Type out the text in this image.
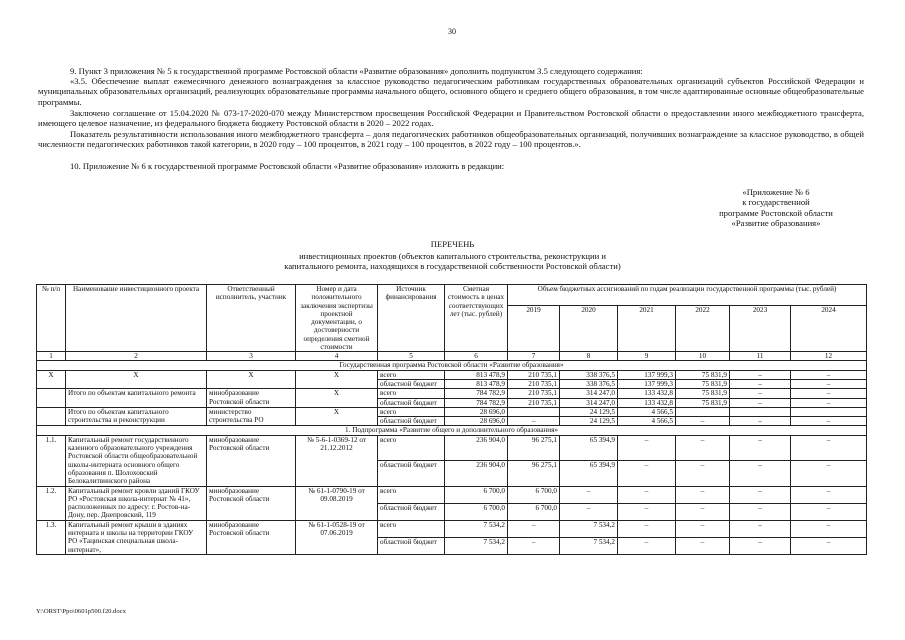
30
9. Пункт 3 приложения № 5 к государственной программе Ростовской области «Развитие образования» дополнить подпунктом 3.5 следующего содержания:
«3.5. Обеспечение выплат ежемесячного денежного вознаграждения за классное руководство педагогическим работникам государственных образовательных организаций субъектов Российской Федерации и муниципальных образовательных организаций, реализующих образовательные программы начального общего, основного общего и среднего общего образования, в том числе адаптированные основные общеобразовательные программы.
Заключено соглашение от 15.04.2020 № 073-17-2020-070 между Министерством просвещения Российской Федерации и Правительством Ростовской области о предоставлении иного межбюджетного трансферта, имеющего целевое назначение, из федерального бюджета бюджету Ростовской области в 2020 – 2022 годах.
Показатель результативности использования иного межбюджетного трансферта – доля педагогических работников общеобразовательных организаций, получивших вознаграждение за классное руководство, в общей численности педагогических работников такой категории, в 2020 году – 100 процентов, в 2021 году – 100 процентов, в 2022 году – 100 процентов.».
10. Приложение № 6 к государственной программе Ростовской области «Развитие образования» изложить в редакции:
«Приложение № 6
к государственной
программе Ростовской области
«Развитие образования»
ПЕРЕЧЕНЬ
инвестиционных проектов (объектов капитального строительства, реконструкции и
капитального ремонта, находящихся в государственной собственности Ростовской области)
№ п/п	Наименование инвестиционного проекта	Ответственный исполнитель, участник	Номер и дата положительного заключения экспертизы проектной документации, о достоверности определения сметной стоимости	Источник финансирования	Сметная стоимость в ценах соответствующих лет (тыс. рублей)	Объем бюджетных ассигнований по годам реализации государственной программы (тыс. рублей)					
						2019	2020	2021	2022	2023	2024
1	2	3	4	5	6	7	8	9	10	11	12
Государственная программа Ростовской области «Развитие образования»											
X	X	X	X	всего	813 478,9	210 735,1	338 376,5	137 999,3	75 831,9	–	–
				областной бюджет	813 478,9	210 735,1	338 376,5	137 999,3	75 831,9	–	–
	Итого по объектам капитального ремонта	минобразование Ростовской области	X	всего	784 782,9	210 735,1	314 247,0	133 432,8	75 831,9	–	–
				областной бюджет	784 782,9	210 735,1	314 247,0	133 432,8	75 831,9	–	–
	Итого по объектам капитального строительства и реконструкции	министерство строительства РО	X	всего	28 696,0		24 129,5	4 566,5			
				областной бюджет	28 696,0	–	24 129,5	4 566,5	–	–	–
1. Подпрограмма «Развитие общего и дополнительного образования»											
1.1.	Капитальный ремонт государственного казенного образовательного учреждения Ростовской области общеобразовательной школы-интерната основного общего образования п. Шолоховский Белокалитвинского района	минобразование Ростовской области	№ 5-6-1-0369-12 от 21.12.2012	всего	236 904,0	96 275,1	65 394,9	–	–	–	–
				областной бюджет	236 904,0	96 275,1	65 394,9	–	–	–	–
1.2.	Капитальный ремонт кровли зданий ГКОУ РО «Ростовская школа-интернат № 41», расположенных по адресу: г. Ростов-на-Дону, пер. Днепровский, 119	минобразование Ростовской области	№ 61-1-0790-19 от 09.08.2019	всего	6 700,0	6 700,0	–	–	–	–	–
				областной бюджет	6 700,0	6 700,0	–	–	–	–	–
1.3.	Капитальный ремонт крыши в зданиях интерната и школы на территории ГКОУ РО «Тацинская специальная школа-интернат»,	минобразование Ростовской области	№ 61-1-0528-19 от 07.06.2019	всего	7 534,2	–	7 534,2	–	–	–	–
				областной бюджет	7 534,2	–	7 534,2	–	–	–	–
Y:\ORST\Ppo\0601p500.f20.docx
